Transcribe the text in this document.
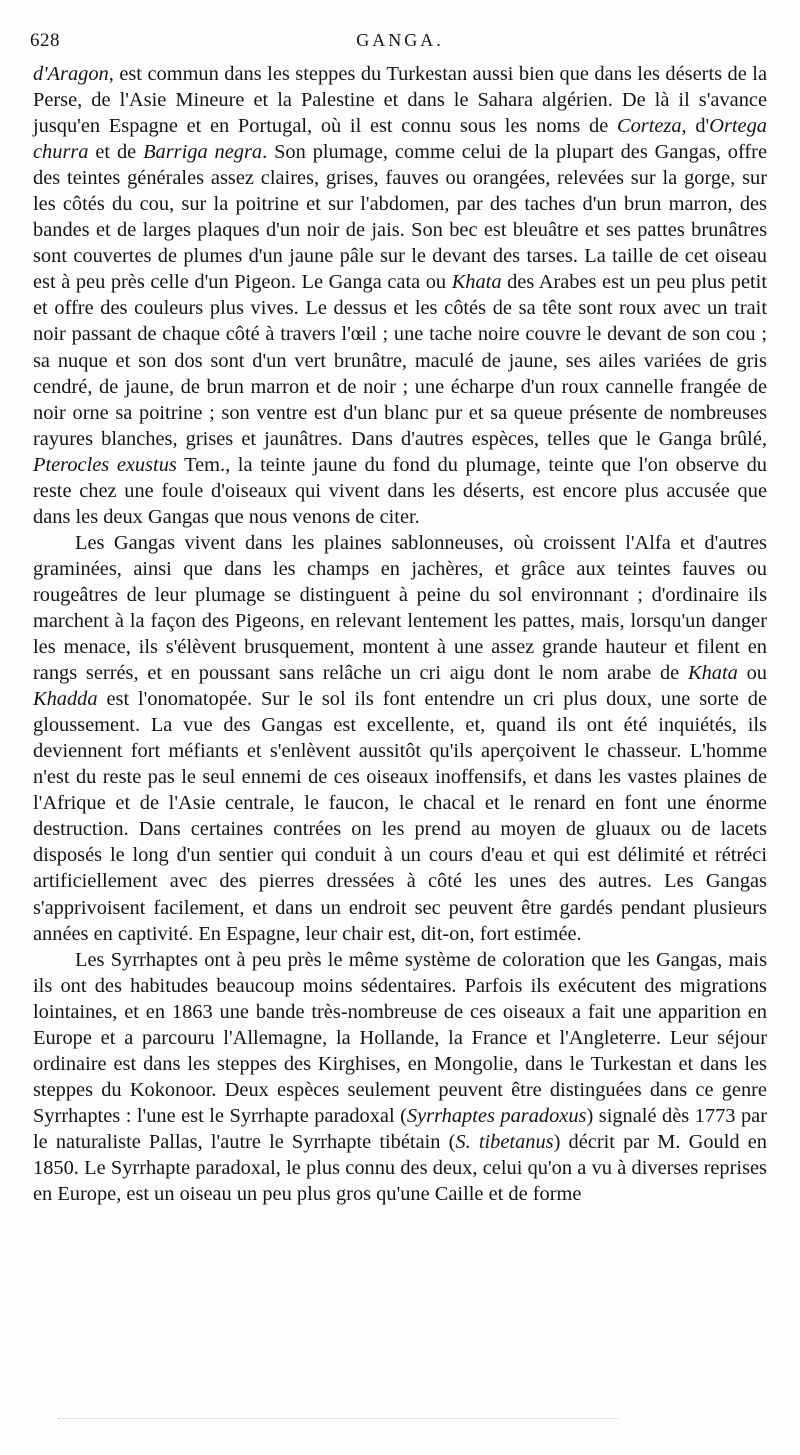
628	GANGA.

d'Aragon, est commun dans les steppes du Turkestan aussi bien que dans les déserts de la Perse, de l'Asie Mineure et la Palestine et dans le Sahara algérien. De là il s'avance jusqu'en Espagne et en Portugal, où il est connu sous les noms de Corteza, d'Ortega churra et de Barriga negra. Son plumage, comme celui de la plupart des Gangas, offre des teintes générales assez claires, grises, fauves ou orangées, relevées sur la gorge, sur les côtés du cou, sur la poitrine et sur l'abdomen, par des taches d'un brun marron, des bandes et de larges plaques d'un noir de jais. Son bec est bleuâtre et ses pattes brunâtres sont couvertes de plumes d'un jaune pâle sur le devant des tarses. La taille de cet oiseau est à peu près celle d'un Pigeon. Le Ganga cata ou Khata des Arabes est un peu plus petit et offre des couleurs plus vives. Le dessus et les côtés de sa tête sont roux avec un trait noir passant de chaque côté à travers l'œil ; une tache noire couvre le devant de son cou ; sa nuque et son dos sont d'un vert brunâtre, maculé de jaune, ses ailes variées de gris cendré, de jaune, de brun marron et de noir ; une écharpe d'un roux cannelle frangée de noir orne sa poitrine ; son ventre est d'un blanc pur et sa queue présente de nombreuses rayures blanches, grises et jaunâtres. Dans d'autres espèces, telles que le Ganga brûlé, Pterocles exustus Tem., la teinte jaune du fond du plumage, teinte que l'on observe du reste chez une foule d'oiseaux qui vivent dans les déserts, est encore plus accusée que dans les deux Gangas que nous venons de citer.

Les Gangas vivent dans les plaines sablonneuses, où croissent l'Alfa et d'autres graminées, ainsi que dans les champs en jachères, et grâce aux teintes fauves ou rougeâtres de leur plumage se distinguent à peine du sol environnant ; d'ordinaire ils marchent à la façon des Pigeons, en relevant lentement les pattes, mais, lorsqu'un danger les menace, ils s'élèvent brusquement, montent à une assez grande hauteur et filent en rangs serrés, et en poussant sans relâche un cri aigu dont le nom arabe de Khata ou Khadda est l'onomatopée. Sur le sol ils font entendre un cri plus doux, une sorte de gloussement. La vue des Gangas est excellente, et, quand ils ont été inquiétés, ils deviennent fort méfiants et s'enlèvent aussitôt qu'ils aperçoivent le chasseur. L'homme n'est du reste pas le seul ennemi de ces oiseaux inoffensifs, et dans les vastes plaines de l'Afrique et de l'Asie centrale, le faucon, le chacal et le renard en font une énorme destruction. Dans certaines contrées on les prend au moyen de gluaux ou de lacets disposés le long d'un sentier qui conduit à un cours d'eau et qui est délimité et rétréci artificiellement avec des pierres dressées à côté les unes des autres. Les Gangas s'apprivoisent facilement, et dans un endroit sec peuvent être gardés pendant plusieurs années en captivité. En Espagne, leur chair est, dit-on, fort estimée.

Les Syrrhaptes ont à peu près le même système de coloration que les Gangas, mais ils ont des habitudes beaucoup moins sédentaires. Parfois ils exécutent des migrations lointaines, et en 1863 une bande très-nombreuse de ces oiseaux a fait une apparition en Europe et a parcouru l'Allemagne, la Hollande, la France et l'Angleterre. Leur séjour ordinaire est dans les steppes des Kirghises, en Mongolie, dans le Turkestan et dans les steppes du Kokonoor. Deux espèces seulement peuvent être distinguées dans ce genre Syrrhaptes : l'une est le Syrrhapte paradoxal (Syrrhaptes paradoxus) signalé dès 1773 par le naturaliste Pallas, l'autre le Syrrhapte tibétain (S. tibetanus) décrit par M. Gould en 1850. Le Syrrhapte paradoxal, le plus connu des deux, celui qu'on a vu à diverses reprises en Europe, est un oiseau un peu plus gros qu'une Caille et de forme
